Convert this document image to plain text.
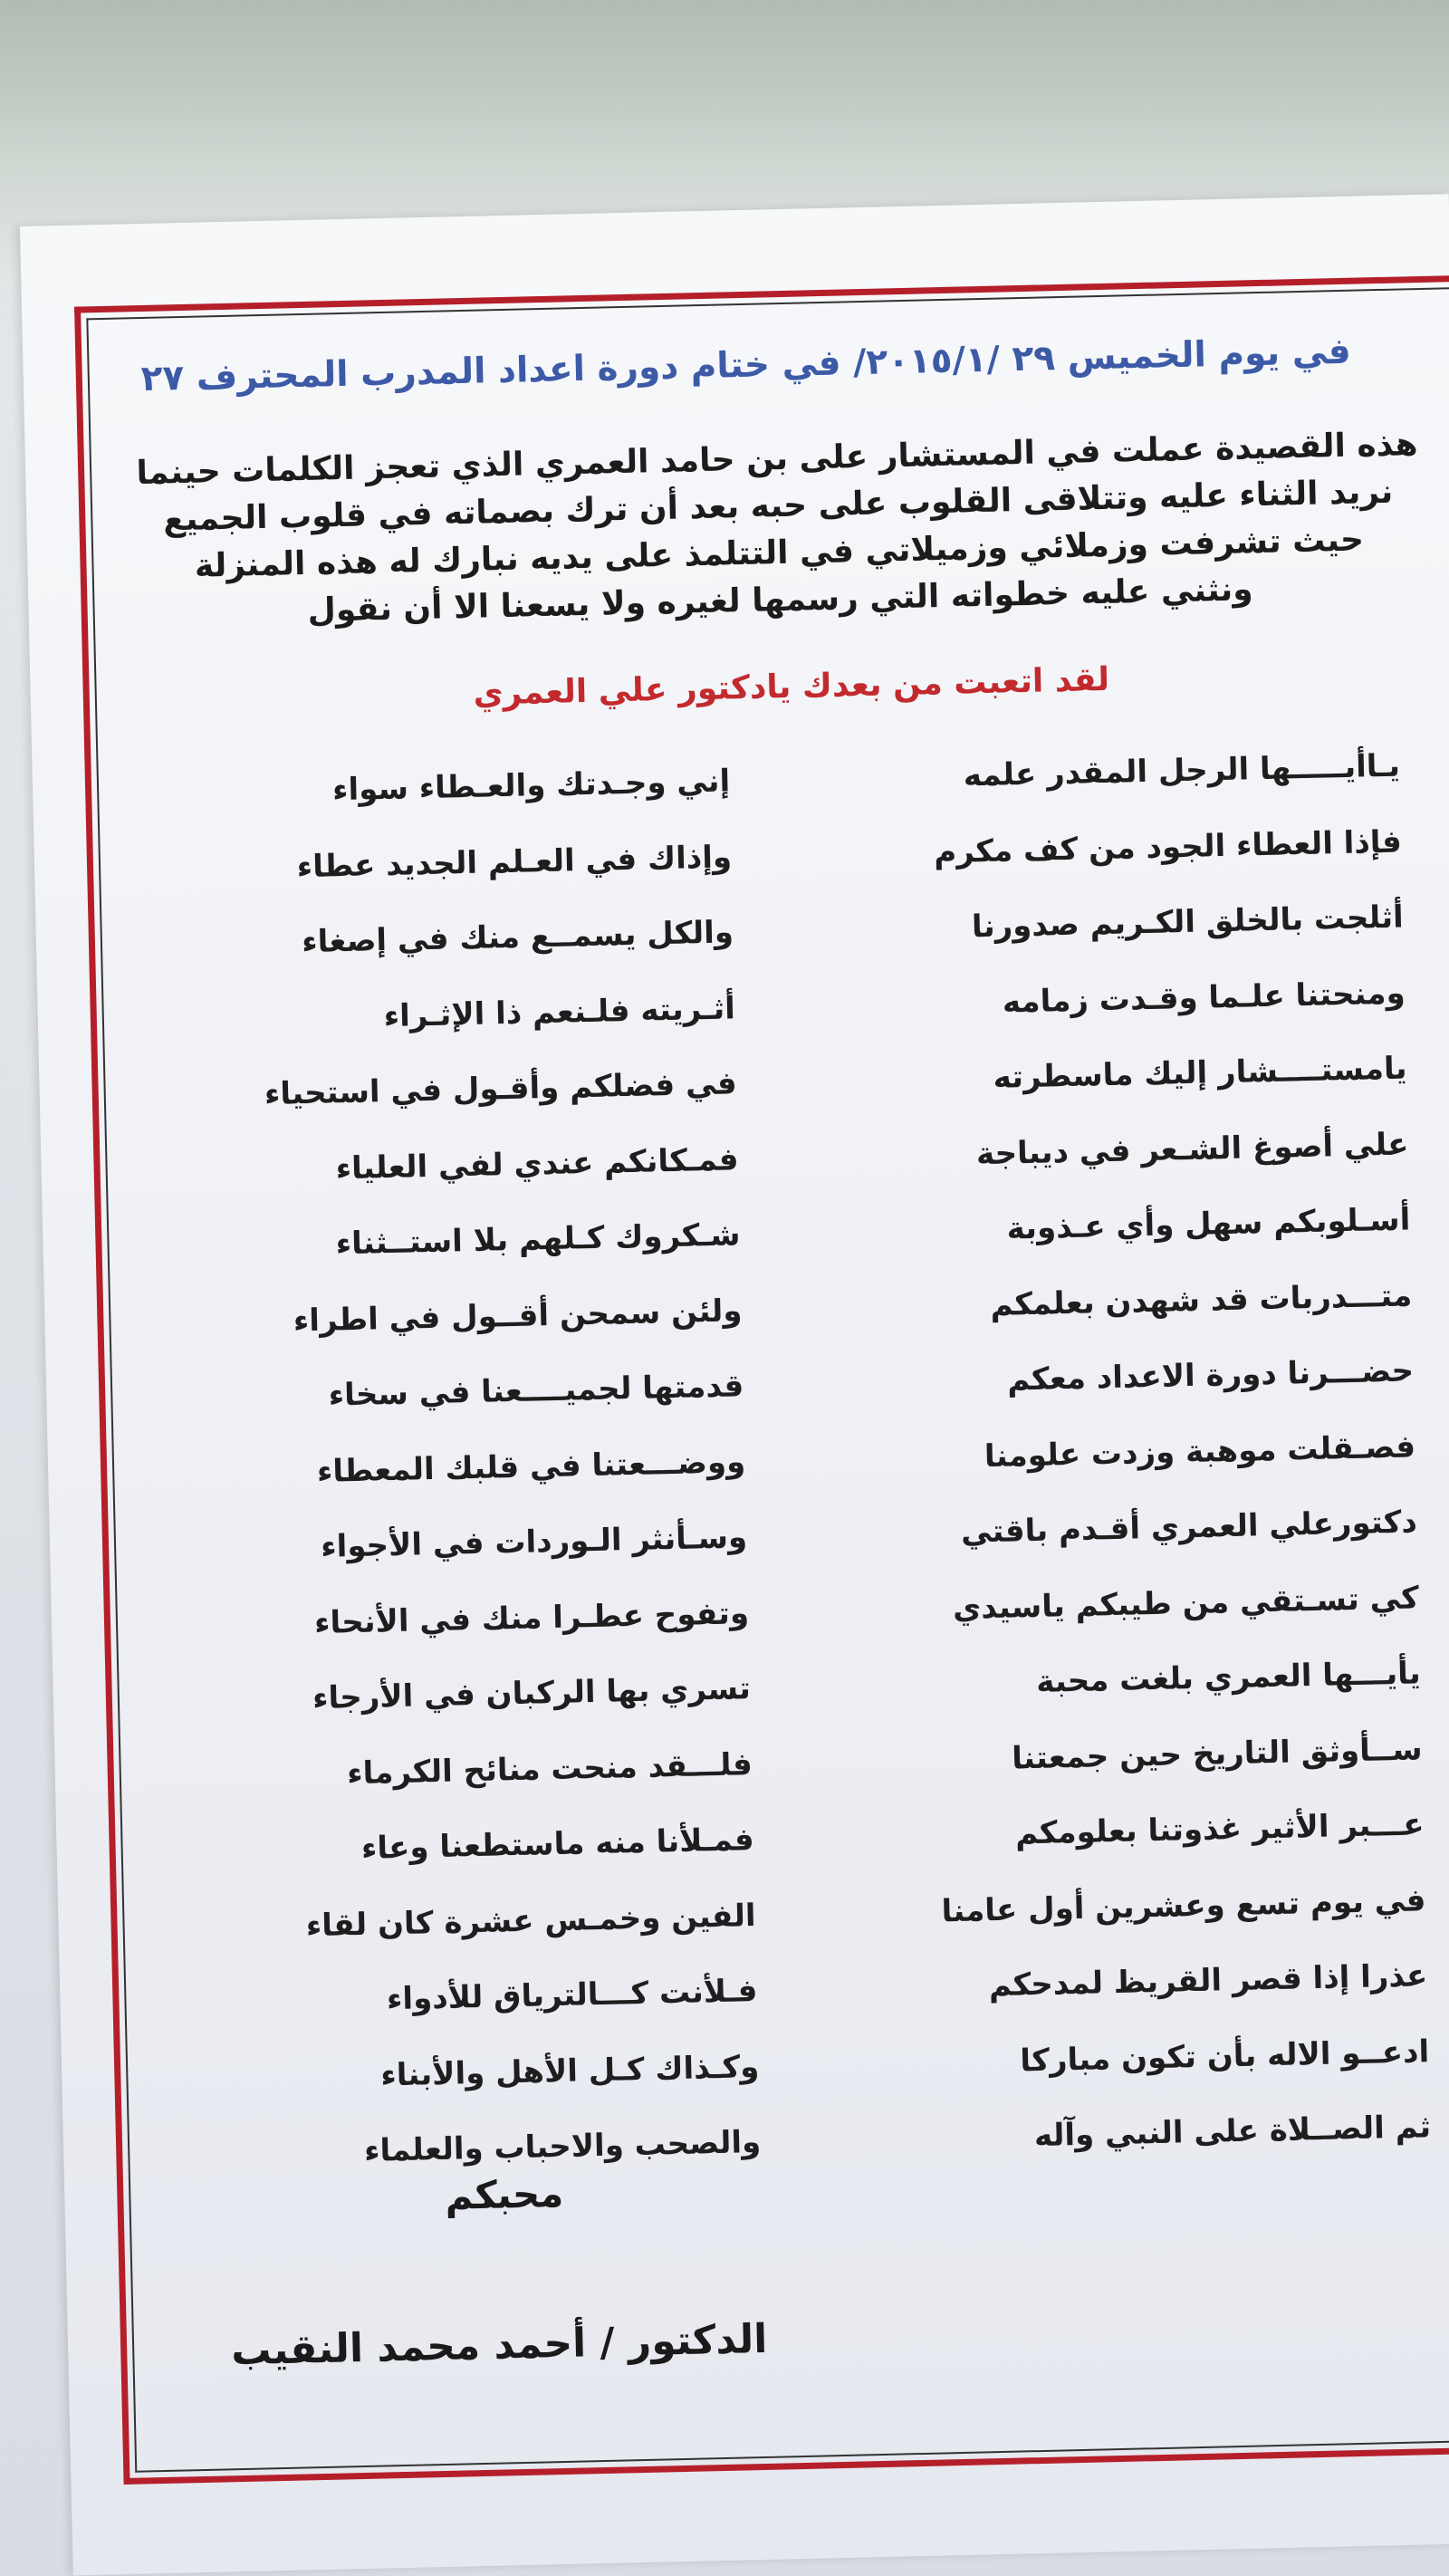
في يوم الخميس ٢٩ /٢٠١٥/١/ في ختام دورة اعداد المدرب المحترف ٢٧

هذه القصيدة عملت في المستشار على بن حامد العمري الذي تعجز الكلمات حينما

نريد الثناء عليه وتتلاقى القلوب على حبه بعد أن ترك بصماته في قلوب الجميع

حيث تشرفت وزملائي وزميلاتي في التتلمذ على يديه نبارك له هذه المنزلة

ونثني عليه خطواته التي رسمها لغيره ولا يسعنا الا أن نقول

لقد اتعبت من بعدك يادكتور علي العمري
يـاأيـــــها الرجل المقدر علمه
إني وجـدتك والعـطاء سواء
فإذا العطاء الجود من كف مكرم
وإذاك في العـلم الجديد عطاء
أثلجت بالخلق الكـريم صدورنا
والكل يسمــع منك في إصغاء
ومنحتنا علـما وقـدت زمامه
أثـريته فلـنعم ذا الإثـراء
يامستــــشار إليك ماسطرته
في فضلكم وأقـول في استحياء
علي أصوغ الشـعر في ديباجة
فمـكانكم عندي لفي العلياء
أسـلوبكم سهل وأي عـذوبة
شـكروك كـلهم بلا استــثناء
متـــدربات قد شهدن بعلمكم
ولئن سمحن أقــول في اطراء
حضـــرنا دورة الاعداد معكم
قدمتها لجميــــعنا في سخاء
فصـقلت موهبة وزدت علومنا
ووضـــعتنا في قلبك المعطاء
دكتورعلي العمري أقـدم باقتي
وسـأنثر الـوردات في الأجواء
كي تسـتقي من طيبكم ياسيدي
وتفوح عطـرا منك في الأنحاء
يأيـــها العمري بلغت محبة
تسري بها الركبان في الأرجاء
ســأوثق التاريخ حين جمعتنا
فلـــقد منحت منائح الكرماء
عـــبر الأثير غذوتنا بعلومكم
فمـلأنا منه ماستطعنا وعاء
في يوم تسع وعشرين أول عامنا
الفين وخمـس عشرة كان لقاء
عذرا إذا قصر القريظ لمدحكم
فـلأنت كـــالترياق للأدواء
ادعــو الاله بأن تكون مباركا
وكـذاك كـل الأهل والأبناء
ثم الصــلاة على النبي وآله
والصحب والاحباب والعلماء
محبكم
الدكتور / أحمد محمد النقيب
